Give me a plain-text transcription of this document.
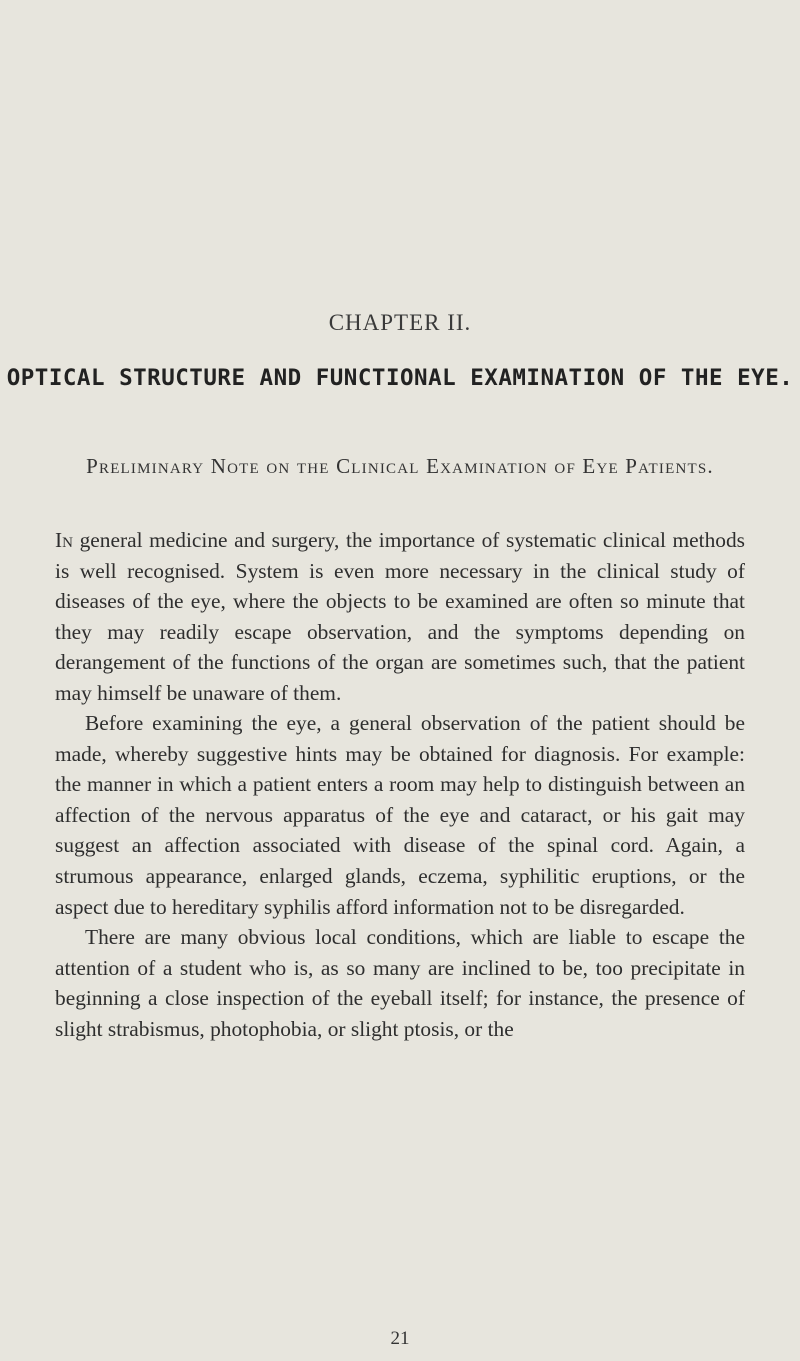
CHAPTER II.
OPTICAL STRUCTURE AND FUNCTIONAL EXAMINATION OF THE EYE.
Preliminary Note on the Clinical Examination of Eye Patients.

In general medicine and surgery, the importance of systematic clinical methods is well recognised. System is even more necessary in the clinical study of diseases of the eye, where the objects to be examined are often so minute that they may readily escape observation, and the symptoms depending on derangement of the functions of the organ are sometimes such, that the patient may himself be unaware of them.

Before examining the eye, a general observation of the patient should be made, whereby suggestive hints may be obtained for diagnosis. For example: the manner in which a patient enters a room may help to distinguish between an affection of the nervous apparatus of the eye and cataract, or his gait may suggest an affection associated with disease of the spinal cord. Again, a strumous appearance, enlarged glands, eczema, syphilitic eruptions, or the aspect due to hereditary syphilis afford information not to be disregarded.

There are many obvious local conditions, which are liable to escape the attention of a student who is, as so many are inclined to be, too precipitate in beginning a close inspection of the eyeball itself; for instance, the presence of slight strabismus, photophobia, or slight ptosis, or the

21
